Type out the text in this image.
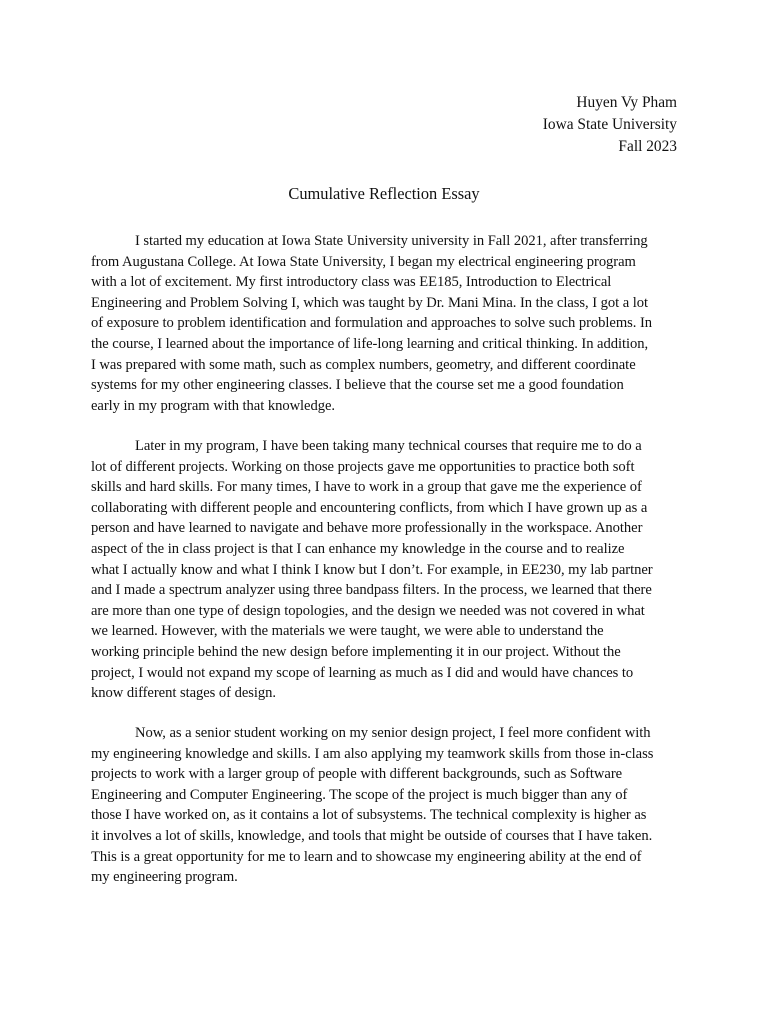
Huyen Vy Pham
Iowa State University
Fall 2023
Cumulative Reflection Essay
I started my education at Iowa State University university in Fall 2021, after transferring
from Augustana College. At Iowa State University, I began my electrical engineering program
with a lot of excitement. My first introductory class was EE185, Introduction to Electrical
Engineering and Problem Solving I, which was taught by Dr. Mani Mina. In the class, I got a lot
of exposure to problem identification and formulation and approaches to solve such problems. In
the course, I learned about the importance of life-long learning and critical thinking. In addition,
I was prepared with some math, such as complex numbers, geometry, and different coordinate
systems for my other engineering classes. I believe that the course set me a good foundation
early in my program with that knowledge.
Later in my program, I have been taking many technical courses that require me to do a
lot of different projects. Working on those projects gave me opportunities to practice both soft
skills and hard skills. For many times, I have to work in a group that gave me the experience of
collaborating with different people and encountering conflicts, from which I have grown up as a
person and have learned to navigate and behave more professionally in the workspace. Another
aspect of the in class project is that I can enhance my knowledge in the course and to realize
what I actually know and what I think I know but I don’t. For example, in EE230, my lab partner
and I made a spectrum analyzer using three bandpass filters. In the process, we learned that there
are more than one type of design topologies, and the design we needed was not covered in what
we learned. However, with the materials we were taught, we were able to understand the
working principle behind the new design before implementing it in our project. Without the
project, I would not expand my scope of learning as much as I did and would have chances to
know different stages of design.
Now, as a senior student working on my senior design project, I feel more confident with
my engineering knowledge and skills. I am also applying my teamwork skills from those in-class
projects to work with a larger group of people with different backgrounds, such as Software
Engineering and Computer Engineering. The scope of the project is much bigger than any of
those I have worked on, as it contains a lot of subsystems. The technical complexity is higher as
it involves a lot of skills, knowledge, and tools that might be outside of courses that I have taken.
This is a great opportunity for me to learn and to showcase my engineering ability at the end of
my engineering program.
